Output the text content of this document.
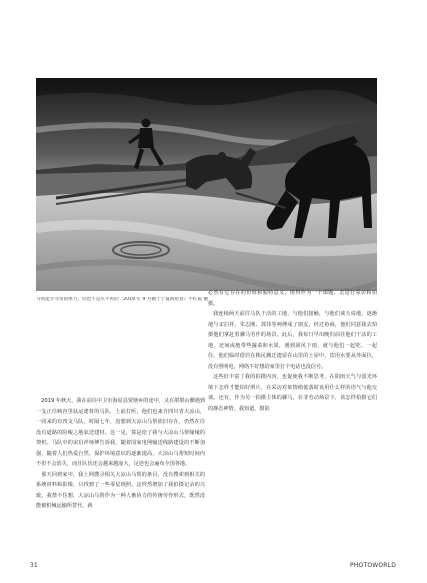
马帮能手寻常的体力，但也不是压不垮的（2019 年 9 月摄于宁夏海原县）牛红霞 摄

2019 年秋天，我在前往中卫市海原县贾塘乡的途中，又在堪堪山腰遇到一支正往峡谷里驮运建材的马队，上前打听，他们也来自四川省大凉山，一同来的有四支马队。时隔七年，没想到大凉山马帮依旧存在，仍然在往没有道路的险峻之地驮送建材。这一见，算是给了我与大凉山马帮缘缘的契机。马队中的宋启祥师傅告诉我，随着国家电网输送线路建设的不断加强，随着人们热爱自然、保护环境意识的逐渐提高，大凉山马帮短时间内不但不会消失，而且队伍还会越来越庞大，足迹也会遍布全国各地。

那天回到家中，我上网搜寻相关大凉山马帮的条目，没有搜索到相关的系统材料和影像，只找到了一些零星琐照。这样然增加了我拍摄记录的兴致。我禁不住想，大凉山马帮作为一种人畜协力的传统劳作形式，既然没能被机械运输所替代，就

必然有它存在的价值和独特意义，值得作为一个课题，去进行采访和拍摄。

我连续两天前往马队干活的工地，与他们接触，与他们谈天说地，逐渐地与宋启祥、朱志刚、郭伟等师傅成了朋友，经过协商，他们同意我去拍摄他们拿赶着骡马劳作的场景。此后，我每日早出晚归前往他们干活的工地，还间或地带些蔬菜和水果，遇到刮风下雨，就与他们一起吃、一起住。他们临时借居在株民搬迁遗留在山里的土屋中，饮用水要从外面拉，没有照明电，网络不好想给家里打个电话也没信号。

这些好丰富了我的拍摄内容，也促使我不断思考，在阴雨天气与弱光环境下怎样才能拍好照片，在采访对象情绪低落时该用什么样的语气与他交谈。还有，作为另一拍摄主体的骡马，在非劳动场景下，该怎样拍摄它们的静态神情。我知道，摄影

31	PHOTOWORLD
